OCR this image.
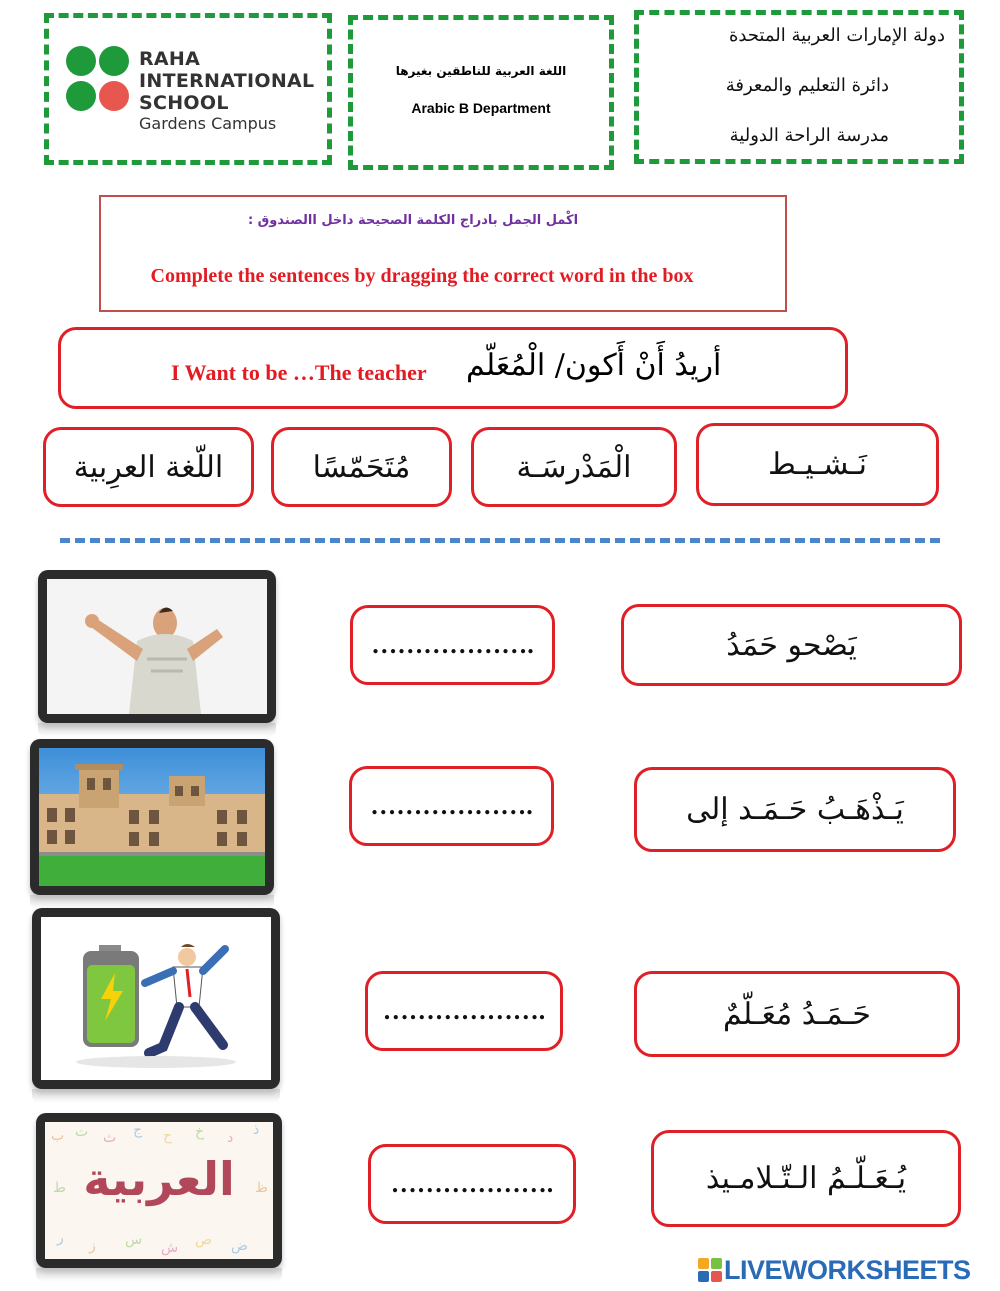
RAHA
INTERNATIONAL
SCHOOL
Gardens Campus
اللغة العربية للناطقين بغيرها
Arabic B Department
دولة الإمارات العربية المتحدة
دائرة التعليم والمعرفة
مدرسة الراحة الدولية
اكْمل الجمل بادراج الكلمة الصحيحة داخل االصندوق :
Complete the sentences by dragging the correct word in the box
I Want to be …The teacher أريدُ أَنْ أَكون/ الْمُعَلّم
نَـشـيـط
الْمَدْرسَـة
مُتَحَمّسًا
اللّغة العرِبية
……………….	يَصْحو حَمَدُ
……………….	يَـذْهَـبُ حَـمَـد إلى
……………….	حَـمَـدُ مُعَـلّمٌ
ب ت ث ج ح خ د ذ
ر ز س ش ص ض
ط	ظ
العربية	……………….	يُـعَـلّـمُ الـتّـلامـيذ
LIVEWORKSHEETS
